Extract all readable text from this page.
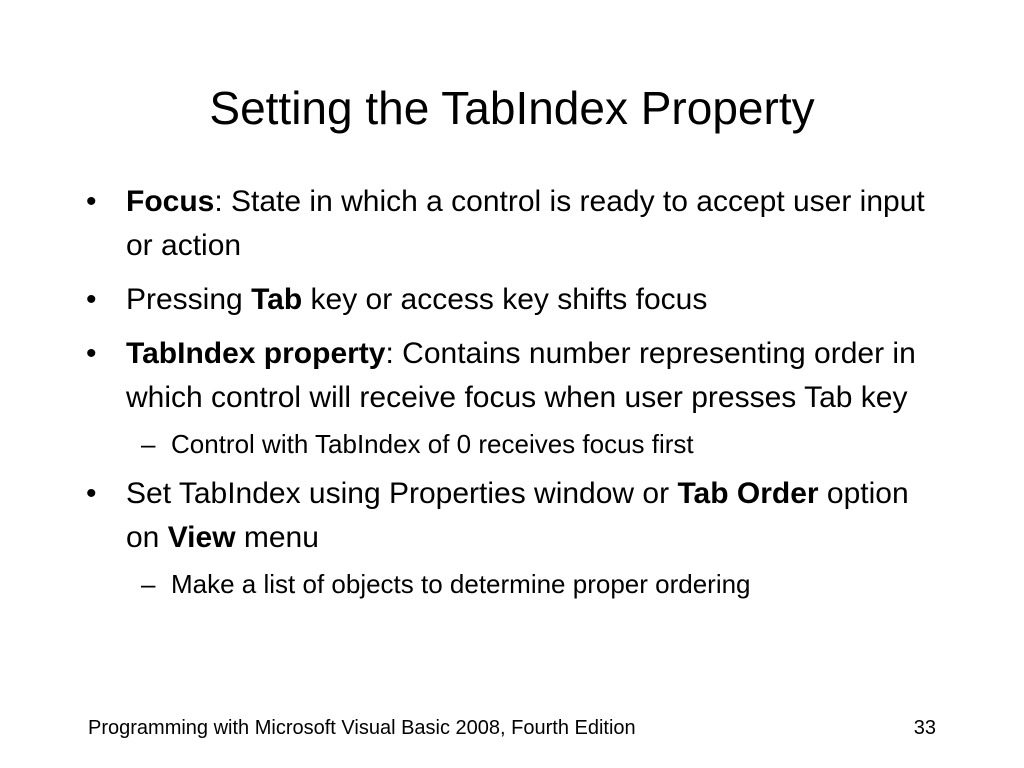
Setting the TabIndex Property
• Focus: State in which a control is ready to accept user input or action
• Pressing Tab key or access key shifts focus
• TabIndex property: Contains number representing order in which control will receive focus when user presses Tab key
– Control with TabIndex of 0 receives focus first
• Set TabIndex using Properties window or Tab Order option on View menu
– Make a list of objects to determine proper ordering
Programming with Microsoft Visual Basic 2008, Fourth Edition	33
